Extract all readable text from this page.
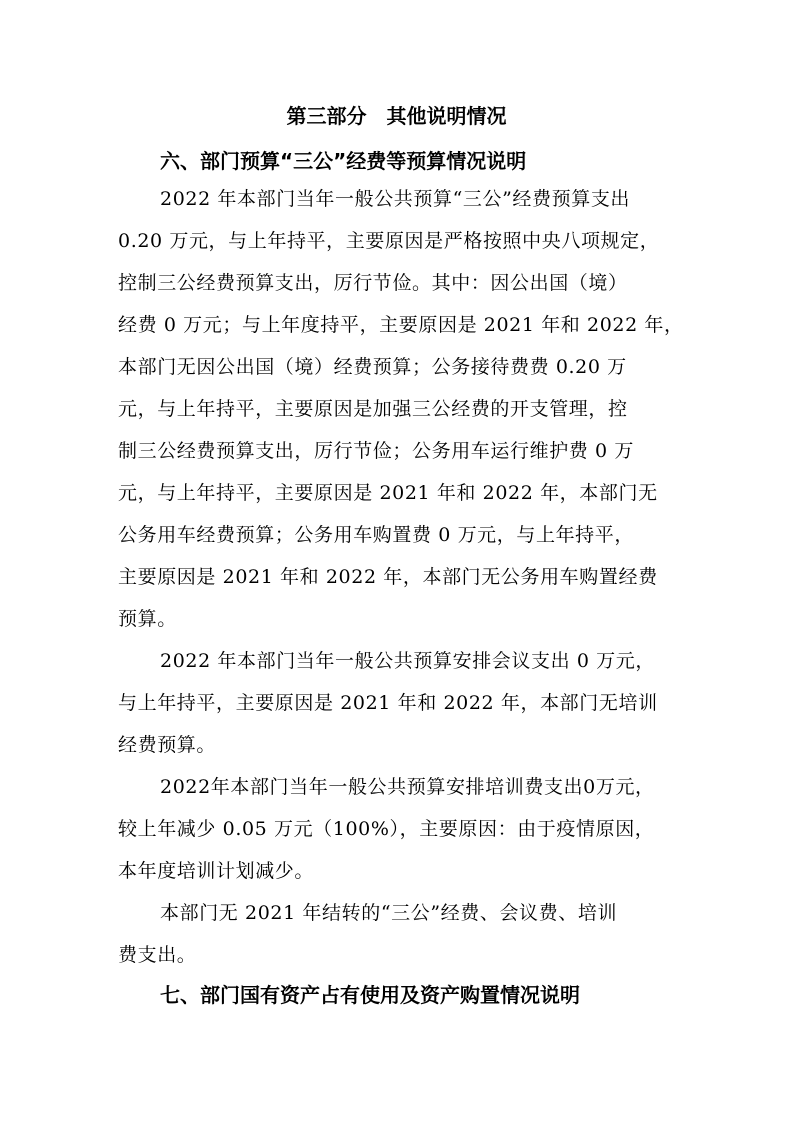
第三部分　其他说明情况
六、部门预算“三公”经费等预算情况说明
2022 年本部门当年一般公共预算“三公”经费预算支出
0.20 万元，与上年持平，主要原因是严格按照中央八项规定，
控制三公经费预算支出，厉行节俭。其中：因公出国（境）
经费 0 万元；与上年度持平，主要原因是 2021 年和 2022 年，
本部门无因公出国（境）经费预算；公务接待费费 0.20 万
元，与上年持平，主要原因是加强三公经费的开支管理，控
制三公经费预算支出，厉行节俭；公务用车运行维护费 0 万
元，与上年持平，主要原因是 2021 年和 2022 年，本部门无
公务用车经费预算；公务用车购置费 0 万元，与上年持平，
主要原因是 2021 年和 2022 年，本部门无公务用车购置经费
预算。
2022 年本部门当年一般公共预算安排会议支出 0 万元，
与上年持平，主要原因是 2021 年和 2022 年，本部门无培训
经费预算。
2022年本部门当年一般公共预算安排培训费支出0万元，
较上年减少 0.05 万元（100%），主要原因：由于疫情原因，
本年度培训计划减少。
本部门无 2021 年结转的“三公”经费、会议费、培训
费支出。
七、部门国有资产占有使用及资产购置情况说明
